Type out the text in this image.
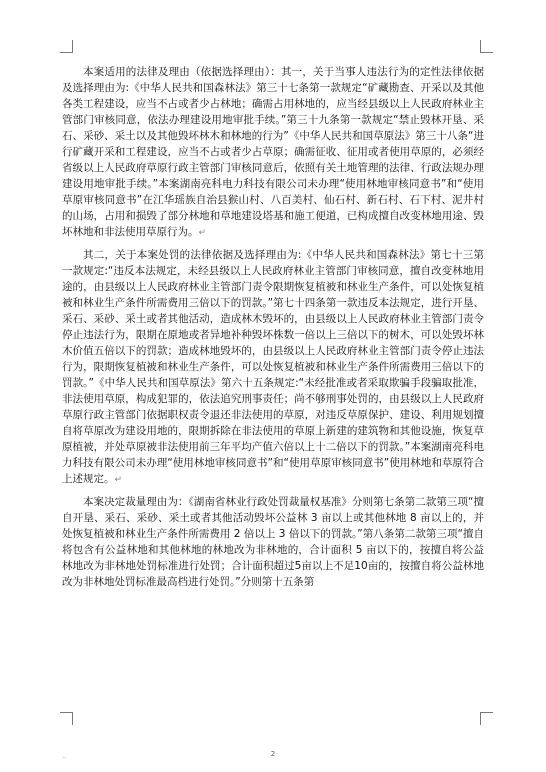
本案适用的法律及理由（依据选择理由）：其一，关于当事人违法行为的定性法律依据及选择理由为:《中华人民共和国森林法》第三十七条第一款规定“矿藏勘查、开采以及其他各类工程建设，应当不占或者少占林地；确需占用林地的，应当经县级以上人民政府林业主管部门审核同意，依法办理建设用地审批手续。”第三十九条第一款规定“禁止毁林开垦、采石、采砂、采土以及其他毁坏林木和林地的行为”《中华人民共和国草原法》第三十八条“进行矿藏开采和工程建设，应当不占或者少占草原；确需征收、征用或者使用草原的，必须经省级以上人民政府草原行政主管部门审核同意后，依照有关土地管理的法律、行政法规办理建设用地审批手续。”本案湖南亮科电力科技有限公司未办理“使用林地审核同意书”和“使用草原审核同意书”在江华瑶族自治县猴山村、八百美村、仙石村、新石村、石下村、泥井村的山场，占用和损毁了部分林地和草地建设塔基和施工便道，已构成擅自改变林地用途、毁坏林地和非法使用草原行为。↵

其二，关于本案处罚的法律依据及选择理由为:《中华人民共和国森林法》第七十三第一款规定:“违反本法规定，未经县级以上人民政府林业主管部门审核同意，擅自改变林地用途的，由县级以上人民政府林业主管部门责令限期恢复植被和林业生产条件，可以处恢复植被和林业生产条件所需费用三倍以下的罚款。”第七十四条第一款违反本法规定，进行开垦、采石、采砂、采土或者其他活动，造成林木毁坏的，由县级以上人民政府林业主管部门责令停止违法行为，限期在原地或者异地补种毁坏株数一倍以上三倍以下的树木，可以处毁坏林木价值五倍以下的罚款；造成林地毁坏的，由县级以上人民政府林业主管部门责令停止违法行为，限期恢复植被和林业生产条件，可以处恢复植被和林业生产条件所需费用三倍以下的罚款。”《中华人民共和国草原法》第六十五条规定:“未经批准或者采取欺骗手段骗取批准，非法使用草原，构成犯罪的，依法追究刑事责任；尚不够刑事处罚的，由县级以上人民政府草原行政主管部门依据职权责令退还非法使用的草原，对违反草原保护、建设、利用规划擅自将草原改为建设用地的，限期拆除在非法使用的草原上新建的建筑物和其他设施，恢复草原植被，并处草原被非法使用前三年平均产值六倍以上十二倍以下的罚款。”本案湖南亮科电力科技有限公司未办理“使用林地审核同意书”和“使用草原审核同意书”使用林地和草原符合上述规定。↵

本案决定裁量理由为：《湖南省林业行政处罚裁量权基准》分则第七条第二款第三项“擅自开垦、采石、采砂、采土或者其他活动毁坏公益林 3 亩以上或其他林地 8 亩以上的，并处恢复植被和林业生产条件所需费用 2 倍以上 3 倍以下的罚款。”第八条第二款第三项“擅自将包含有公益林地和其他林地的林地改为非林地的，合计面积 5 亩以下的，按擅自将公益林地改为非林地处罚标准进行处罚；合计面积超过5亩以上不足10亩的，按擅自将公益林地改为非林地处罚标准最高档进行处罚。”分则第十五条第

..	2
